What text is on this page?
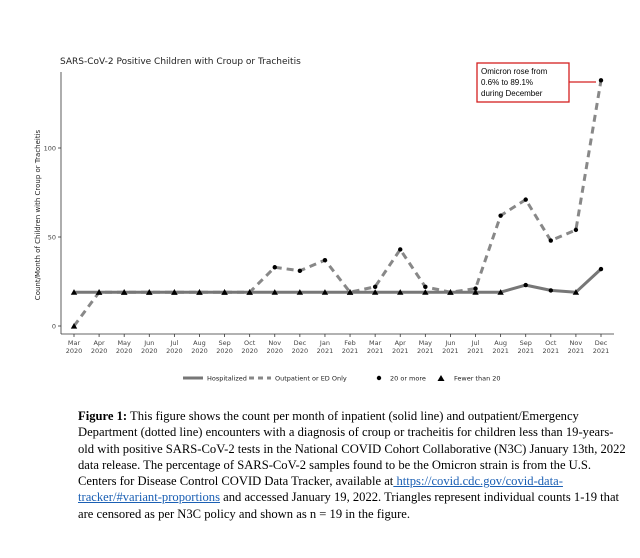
SARS-CoV-2 Positive Children with Croup or Tracheitis
Count/Month of Children with Croup or Tracheitis
0
50
100
Mar
2020
Apr
2020
May
2020
Jun
2020
Jul
2020
Aug
2020
Sep
2020
Oct
2020
Nov
2020
Dec
2020
Jan
2021
Feb
2021
Mar
2021
Apr
2021
May
2021
Jun
2021
Jul
2021
Aug
2021
Sep
2021
Oct
2021
Nov
2021
Dec
2021
Omicron rose from
0.6% to 89.1%
during December
Hospitalized	Outpatient or ED Only	20 or more	Fewer than 20
Figure 1: This figure shows the count per month of inpatient (solid line) and outpatient/Emergency Department (dotted line) encounters with a diagnosis of croup or tracheitis for children less than 19-years-old with positive SARS-CoV-2 tests in the National COVID Cohort Collaborative (N3C) January 13th, 2022 data release. The percentage of SARS-CoV-2 samples found to be the Omicron strain is from the U.S. Centers for Disease Control COVID Data Tracker, available at https://covid.cdc.gov/covid-data-tracker/#variant-proportions and accessed January 19, 2022. Triangles represent individual counts 1-19 that are censored as per N3C policy and shown as n = 19 in the figure.
